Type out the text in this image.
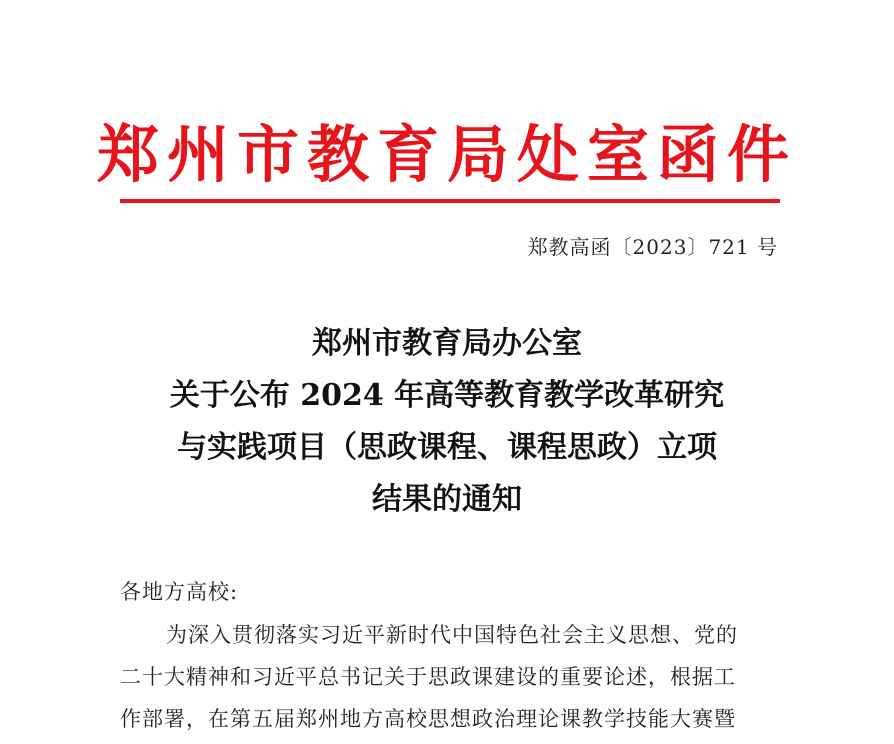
郑州市教育局处室函件
郑教高函〔2023〕721 号
郑州市教育局办公室
关于公布 2024 年高等教育教学改革研究
与实践项目（思政课程、课程思政）立项
结果的通知
各地方高校:
为深入贯彻落实习近平新时代中国特色社会主义思想、党的
二十大精神和习近平总书记关于思政课建设的重要论述，根据工
作部署，在第五届郑州地方高校思想政治理论课教学技能大赛暨
